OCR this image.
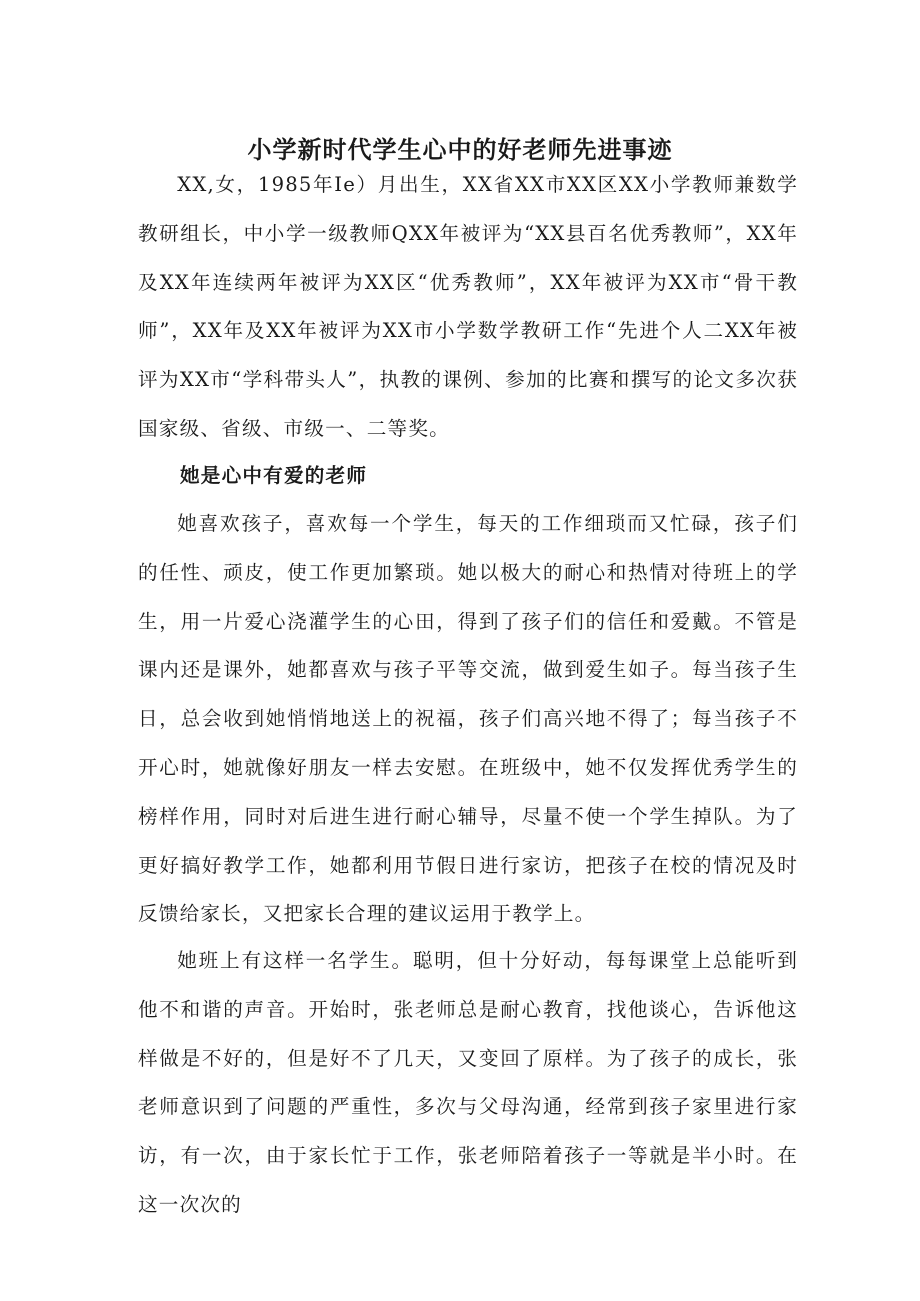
小学新时代学生心中的好老师先进事迹

XX,女，1985年Ie）月出生，XX省XX市XX区XX小学教师兼数学教研组长，中小学一级教师QXX年被评为“XX县百名优秀教师”，XX年及XX年连续两年被评为XX区“优秀教师”，XX年被评为XX市“骨干教师”，XX年及XX年被评为XX市小学数学教研工作“先进个人二XX年被评为XX市“学科带头人”，执教的课例、参加的比赛和撰写的论文多次获国家级、省级、市级一、二等奖。

她是心中有爱的老师

她喜欢孩子，喜欢每一个学生，每天的工作细琐而又忙碌，孩子们的任性、顽皮，使工作更加繁琐。她以极大的耐心和热情对待班上的学生，用一片爱心浇灌学生的心田，得到了孩子们的信任和爱戴。不管是课内还是课外，她都喜欢与孩子平等交流，做到爱生如子。每当孩子生日，总会收到她悄悄地送上的祝福，孩子们高兴地不得了；每当孩子不开心时，她就像好朋友一样去安慰。在班级中，她不仅发挥优秀学生的榜样作用，同时对后进生进行耐心辅导，尽量不使一个学生掉队。为了更好搞好教学工作，她都利用节假日进行家访，把孩子在校的情况及时反馈给家长，又把家长合理的建议运用于教学上。

她班上有这样一名学生。聪明，但十分好动，每每课堂上总能听到他不和谐的声音。开始时，张老师总是耐心教育，找他谈心，告诉他这样做是不好的，但是好不了几天，又变回了原样。为了孩子的成长，张老师意识到了问题的严重性，多次与父母沟通，经常到孩子家里进行家访，有一次，由于家长忙于工作，张老师陪着孩子一等就是半小时。在这一次次的
